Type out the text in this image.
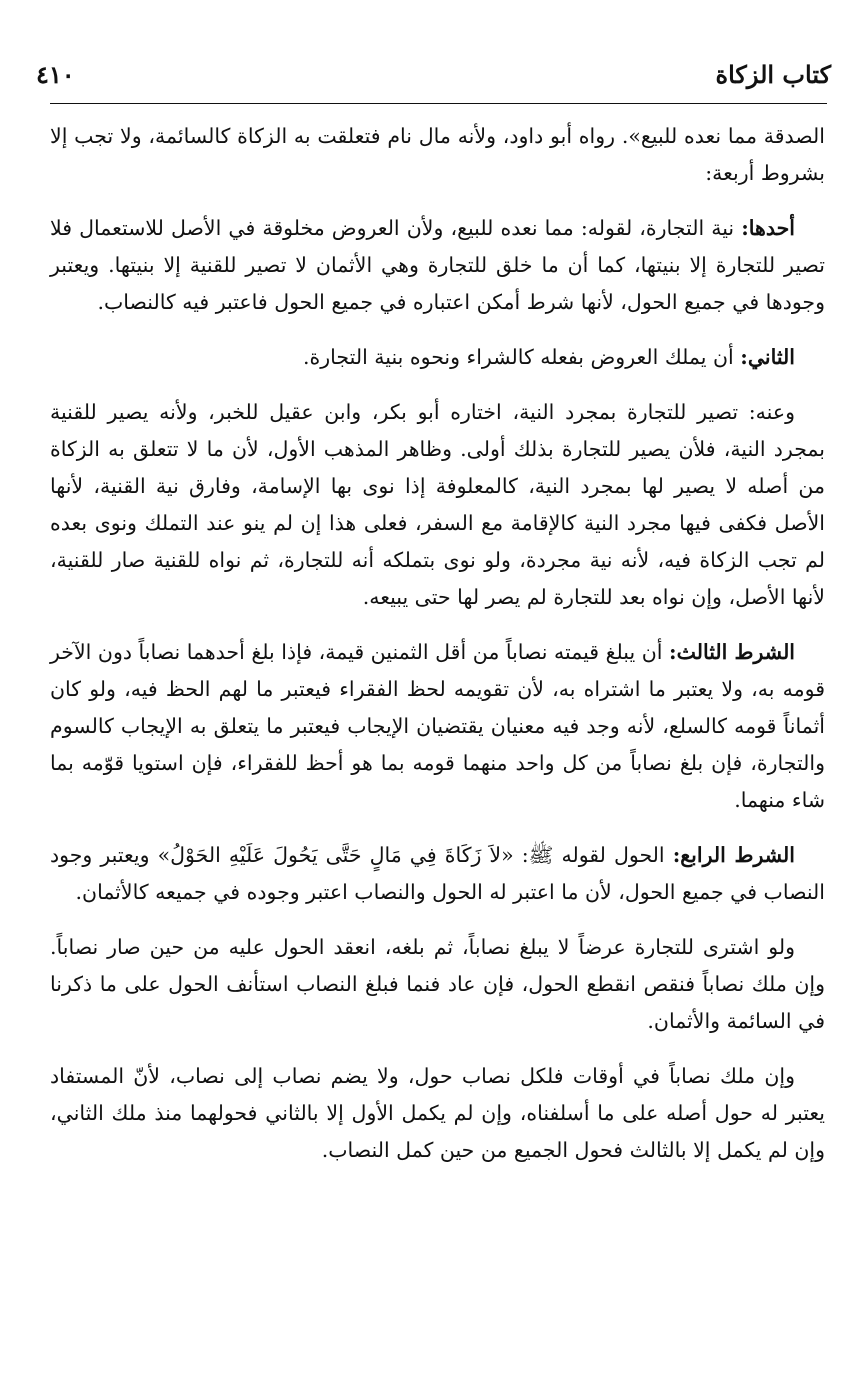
كتاب الزكاة
٤١٠

الصدقة مما نعده للبيع». رواه أبو داود، ولأنه مال نام فتعلقت به الزكاة كالسائمة، ولا تجب إلا بشروط أربعة:

أحدها: نية التجارة، لقوله: مما نعده للبيع، ولأن العروض مخلوقة في الأصل للاستعمال فلا تصير للتجارة إلا بنيتها، كما أن ما خلق للتجارة وهي الأثمان لا تصير للقنية إلا بنيتها. ويعتبر وجودها في جميع الحول، لأنها شرط أمكن اعتباره في جميع الحول فاعتبر فيه كالنصاب.

الثاني: أن يملك العروض بفعله كالشراء ونحوه بنية التجارة.

وعنه: تصير للتجارة بمجرد النية، اختاره أبو بكر، وابن عقيل للخبر، ولأنه يصير للقنية بمجرد النية، فلأن يصير للتجارة بذلك أولى. وظاهر المذهب الأول، لأن ما لا تتعلق به الزكاة من أصله لا يصير لها بمجرد النية، كالمعلوفة إذا نوى بها الإسامة، وفارق نية القنية، لأنها الأصل فكفى فيها مجرد النية كالإقامة مع السفر، فعلى هذا إن لم ينو عند التملك ونوى بعده لم تجب الزكاة فيه، لأنه نية مجردة، ولو نوى بتملكه أنه للتجارة، ثم نواه للقنية صار للقنية، لأنها الأصل، وإن نواه بعد للتجارة لم يصر لها حتى يبيعه.

الشرط الثالث: أن يبلغ قيمته نصاباً من أقل الثمنين قيمة، فإذا بلغ أحدهما نصاباً دون الآخر قومه به، ولا يعتبر ما اشتراه به، لأن تقويمه لحظ الفقراء فيعتبر ما لهم الحظ فيه، ولو كان أثماناً قومه كالسلع، لأنه وجد فيه معنيان يقتضيان الإيجاب فيعتبر ما يتعلق به الإيجاب كالسوم والتجارة، فإن بلغ نصاباً من كل واحد منهما قومه بما هو أحظ للفقراء، فإن استويا قوّمه بما شاء منهما.

الشرط الرابع: الحول لقوله ﷺ: «لاَ زَكَاةَ فِي مَالٍ حَتَّى يَحُولَ عَلَيْهِ الحَوْلُ» ويعتبر وجود النصاب في جميع الحول، لأن ما اعتبر له الحول والنصاب اعتبر وجوده في جميعه كالأثمان.

ولو اشترى للتجارة عرضاً لا يبلغ نصاباً، ثم بلغه، انعقد الحول عليه من حين صار نصاباً. وإن ملك نصاباً فنقص انقطع الحول، فإن عاد فنما فبلغ النصاب استأنف الحول على ما ذكرنا في السائمة والأثمان.

وإن ملك نصاباً في أوقات فلكل نصاب حول، ولا يضم نصاب إلى نصاب، لأنّ المستفاد يعتبر له حول أصله على ما أسلفناه، وإن لم يكمل الأول إلا بالثاني فحولهما منذ ملك الثاني، وإن لم يكمل إلا بالثالث فحول الجميع من حين كمل النصاب.
